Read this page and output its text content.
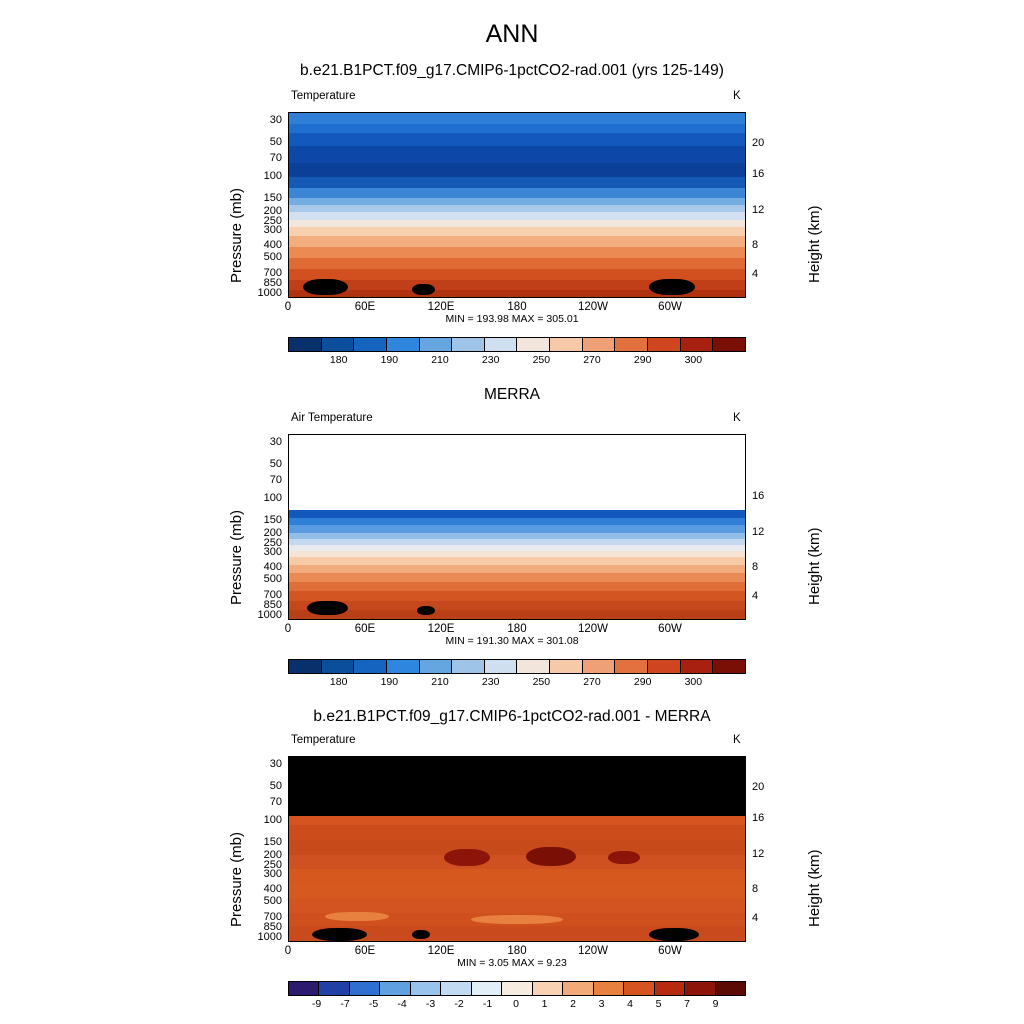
ANN
b.e21.B1PCT.f09_g17.CMIP6-1pctCO2-rad.001 (yrs 125-149)
Temperature	K
Pressure (mb)	Height (km)
30
50
70
100
150
200
250
300
400
500
700
850
1000
20
16
12
8
4
0	60E	120E	180	120W	60W
MIN = 193.98 MAX = 305.01
180	190	210	230	250	270	290	300
MERRA
Air Temperature	K
Pressure (mb)	Height (km)
30
50
70
100
150
200
250
300
400
500
700
850
1000
16
12
8
4
0	60E	120E	180	120W	60W
MIN = 191.30 MAX = 301.08
180	190	210	230	250	270	290	300
b.e21.B1PCT.f09_g17.CMIP6-1pctCO2-rad.001 - MERRA
Temperature	K
Pressure (mb)	Height (km)
30
50
70
100
150
200
250
300
400
500
700
850
1000
20
16
12
8
4
0	60E	120E	180	120W	60W
MIN = 3.05 MAX = 9.23
-9 -7 -5 -4 -3 -2 -1 0 1 2 3 4 5 7 9
